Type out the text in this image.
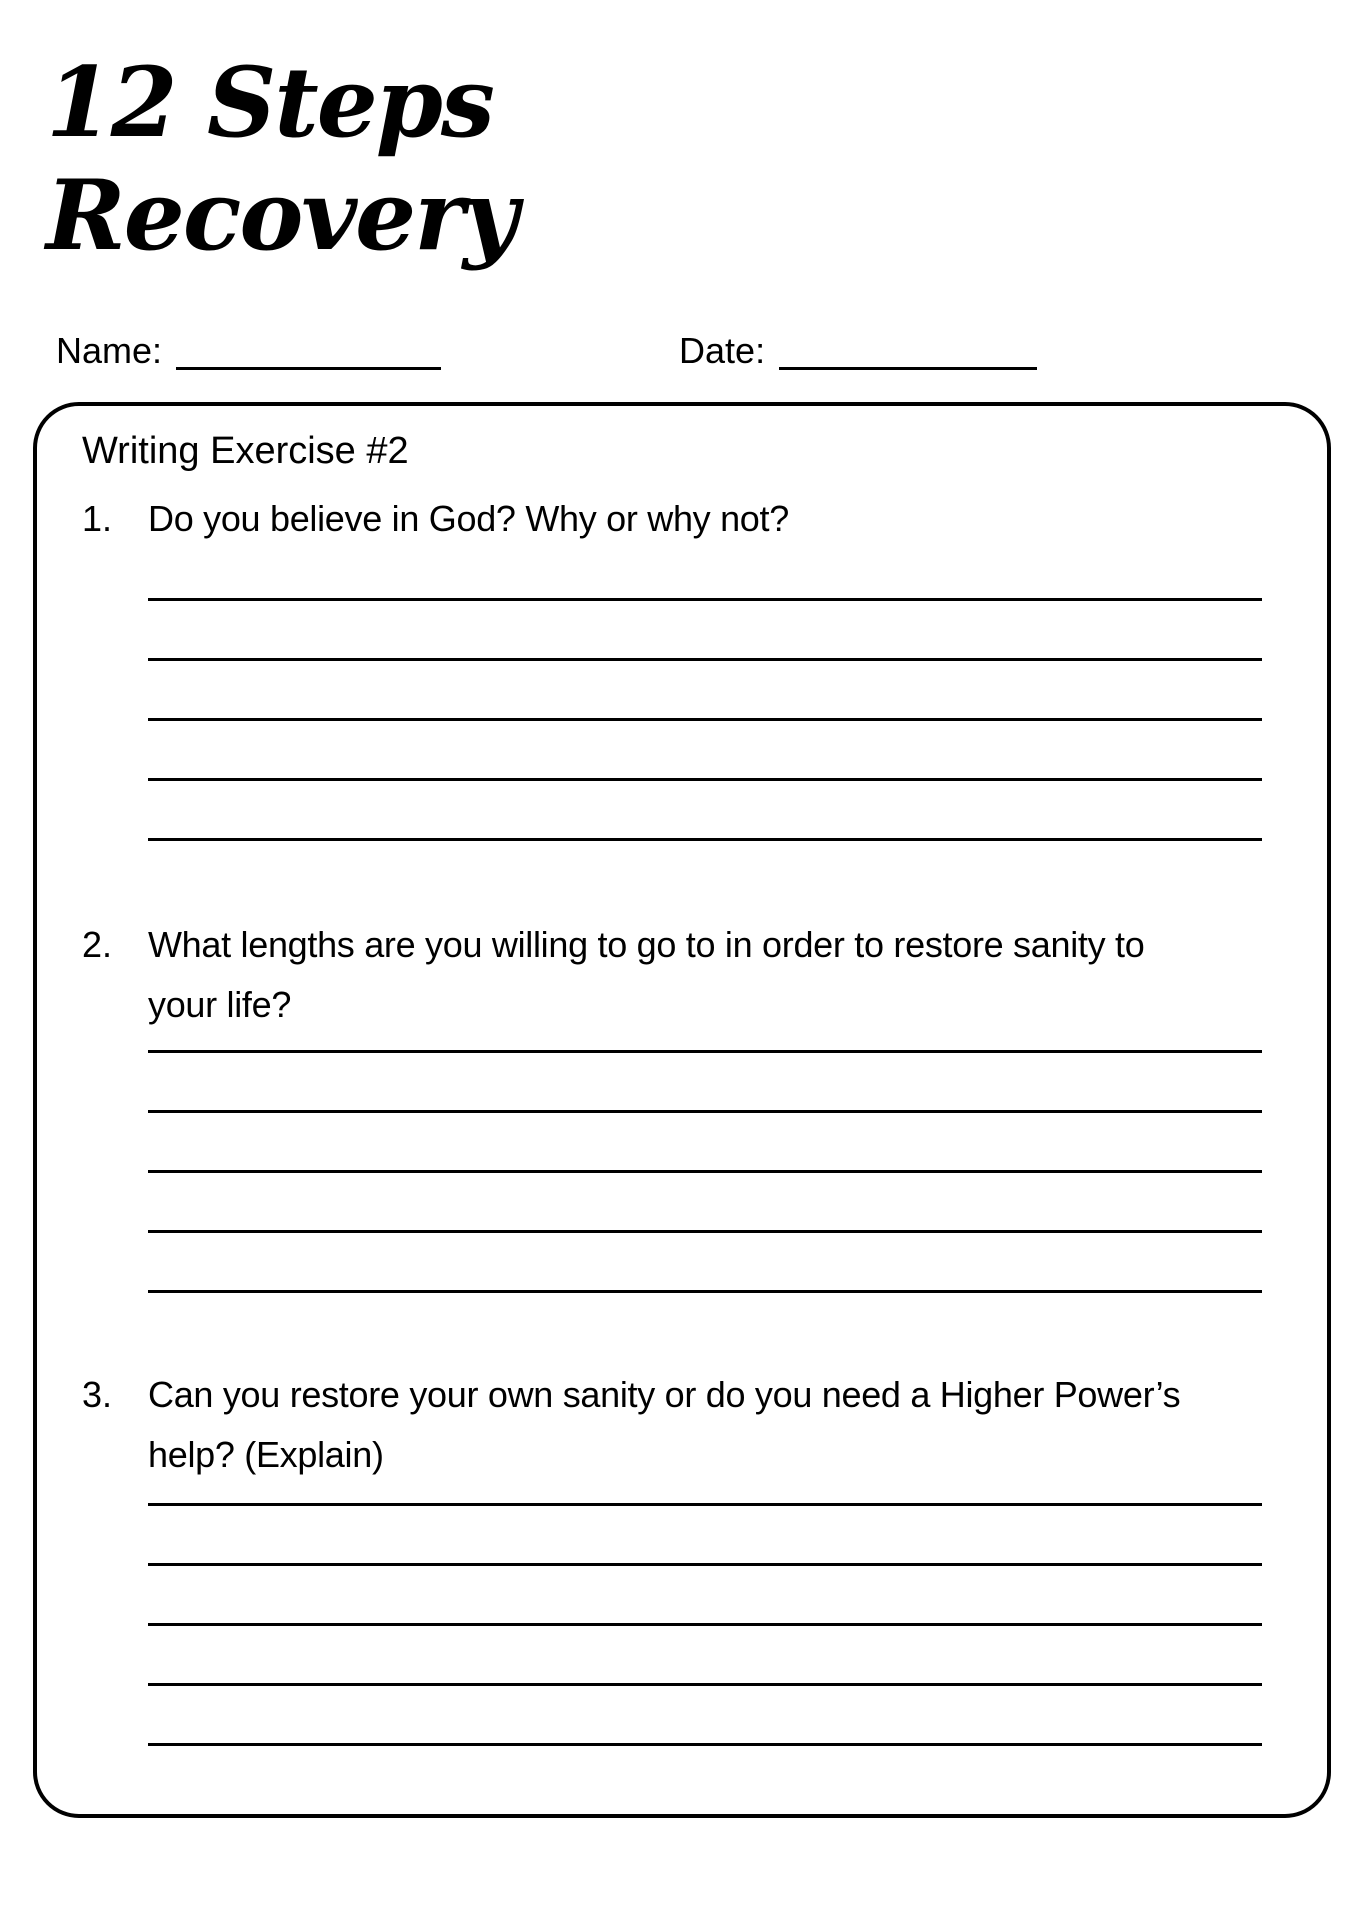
12 Steps
Recovery
Name:	Date:
Writing Exercise #2
1. Do you believe in God? Why or why not?
2. What lengths are you willing to go to in order to restore sanity to
your life?
3. Can you restore your own sanity or do you need a Higher Power’s
help? (Explain)
